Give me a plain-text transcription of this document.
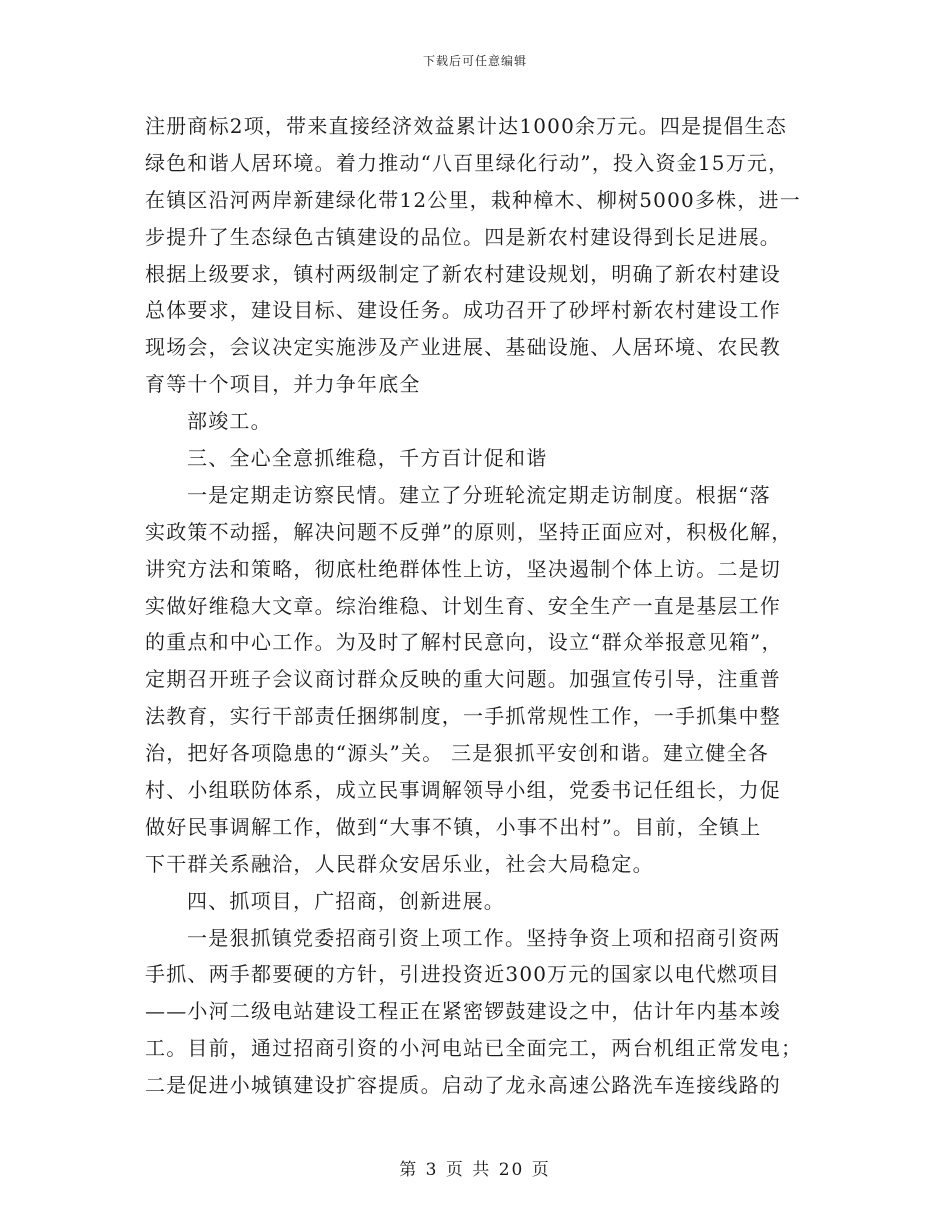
下载后可任意编辑
注册商标2项，带来直接经济效益累计达1000余万元。四是提倡生态
绿色和谐人居环境。着力推动“八百里绿化行动”，投入资金15万元，
在镇区沿河两岸新建绿化带12公里，栽种樟木、柳树5000多株，进一
步提升了生态绿色古镇建设的品位。四是新农村建设得到长足进展。
根据上级要求，镇村两级制定了新农村建设规划，明确了新农村建设
总体要求，建设目标、建设任务。成功召开了砂坪村新农村建设工作
现场会，会议决定实施涉及产业进展、基础设施、人居环境、农民教
育等十个项目，并力争年底全
部竣工。
三、全心全意抓维稳，千方百计促和谐
一是定期走访察民情。建立了分班轮流定期走访制度。根据“落
实政策不动摇，解决问题不反弹”的原则，坚持正面应对，积极化解，
讲究方法和策略，彻底杜绝群体性上访，坚决遏制个体上访。二是切
实做好维稳大文章。综治维稳、计划生育、安全生产一直是基层工作
的重点和中心工作。为及时了解村民意向，设立“群众举报意见箱”，
定期召开班子会议商讨群众反映的重大问题。加强宣传引导，注重普
法教育，实行干部责任捆绑制度，一手抓常规性工作，一手抓集中整
治，把好各项隐患的“源头”关。 三是狠抓平安创和谐。建立健全各
村、小组联防体系，成立民事调解领导小组，党委书记任组长，力促
做好民事调解工作，做到“大事不镇，小事不出村”。目前，全镇上
下干群关系融洽，人民群众安居乐业，社会大局稳定。
四、抓项目，广招商，创新进展。
一是狠抓镇党委招商引资上项工作。坚持争资上项和招商引资两
手抓、两手都要硬的方针，引进投资近300万元的国家以电代燃项目
——小河二级电站建设工程正在紧密锣鼓建设之中，估计年内基本竣
工。目前，通过招商引资的小河电站已全面完工，两台机组正常发电；
二是促进小城镇建设扩容提质。启动了龙永高速公路洗车连接线路的
第 3 页 共 20 页
